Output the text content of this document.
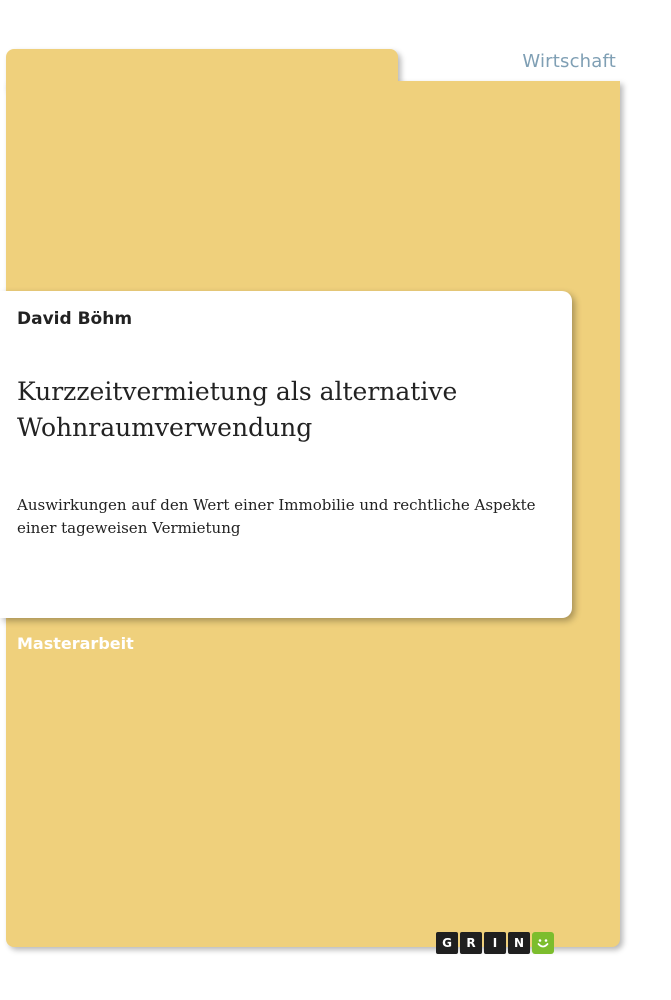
Wirtschaft
David Böhm
Kurzzeitvermietung als alternative
Wohnraumverwendung
Auswirkungen auf den Wert einer Immobilie und rechtliche Aspekte
einer tageweisen Vermietung
Masterarbeit
G	R	I	N
